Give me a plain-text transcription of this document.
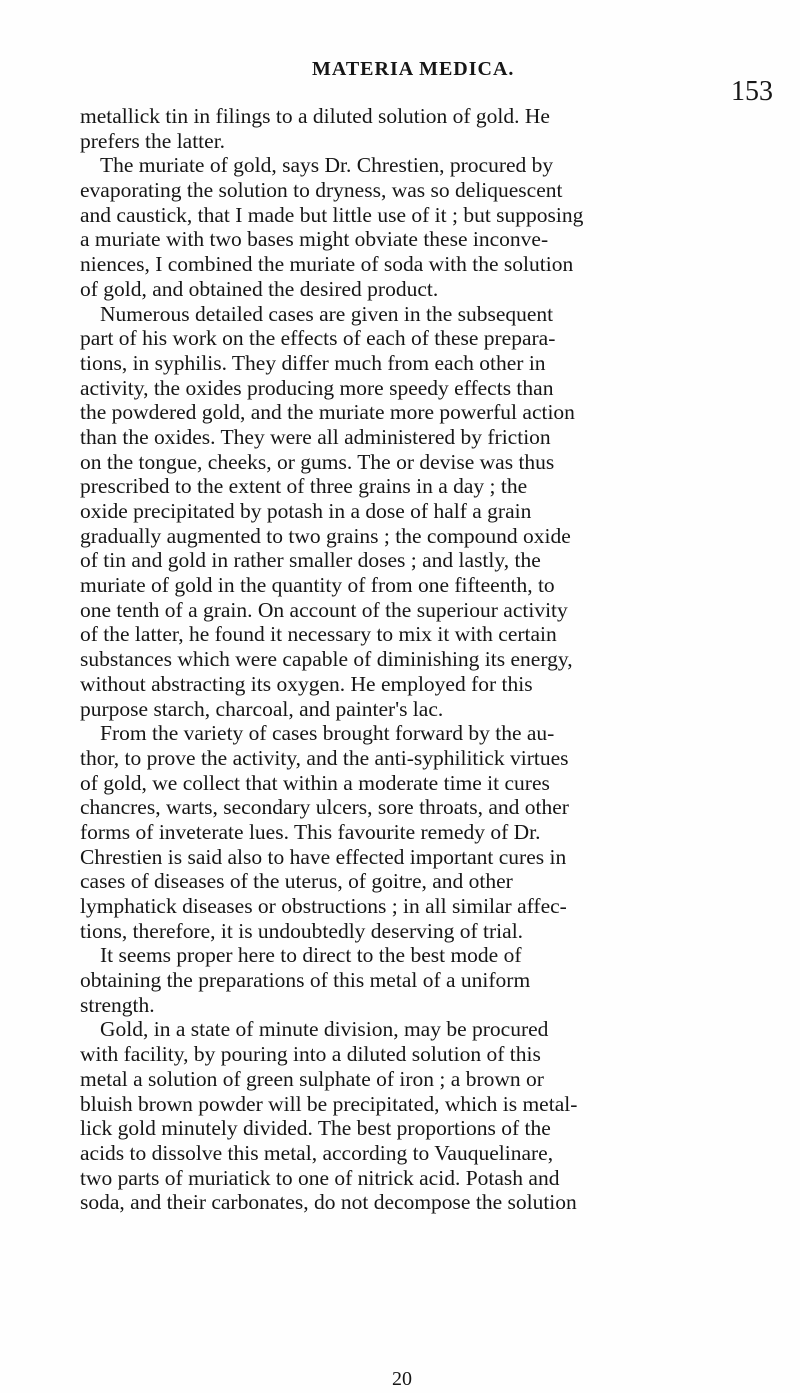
MATERIA MEDICA.
153
metallick tin in filings to a diluted solution of gold. He
prefers the latter.
The muriate of gold, says Dr. Chrestien, procured by
evaporating the solution to dryness, was so deliquescent
and caustick, that I made but little use of it ; but supposing
a muriate with two bases might obviate these inconve-
niences, I combined the muriate of soda with the solution
of gold, and obtained the desired product.
Numerous detailed cases are given in the subsequent
part of his work on the effects of each of these prepara-
tions, in syphilis. They differ much from each other in
activity, the oxides producing more speedy effects than
the powdered gold, and the muriate more powerful action
than the oxides. They were all administered by friction
on the tongue, cheeks, or gums. The or devise was thus
prescribed to the extent of three grains in a day ; the
oxide precipitated by potash in a dose of half a grain
gradually augmented to two grains ; the compound oxide
of tin and gold in rather smaller doses ; and lastly, the
muriate of gold in the quantity of from one fifteenth, to
one tenth of a grain. On account of the superiour activity
of the latter, he found it necessary to mix it with certain
substances which were capable of diminishing its energy,
without abstracting its oxygen. He employed for this
purpose starch, charcoal, and painter's lac.
From the variety of cases brought forward by the au-
thor, to prove the activity, and the anti-syphilitick virtues
of gold, we collect that within a moderate time it cures
chancres, warts, secondary ulcers, sore throats, and other
forms of inveterate lues. This favourite remedy of Dr.
Chrestien is said also to have effected important cures in
cases of diseases of the uterus, of goitre, and other
lymphatick diseases or obstructions ; in all similar affec-
tions, therefore, it is undoubtedly deserving of trial.
It seems proper here to direct to the best mode of
obtaining the preparations of this metal of a uniform
strength.
Gold, in a state of minute division, may be procured
with facility, by pouring into a diluted solution of this
metal a solution of green sulphate of iron ; a brown or
bluish brown powder will be precipitated, which is metal-
lick gold minutely divided. The best proportions of the
acids to dissolve this metal, according to Vauquelinare,
two parts of muriatick to one of nitrick acid. Potash and
soda, and their carbonates, do not decompose the solution
20
